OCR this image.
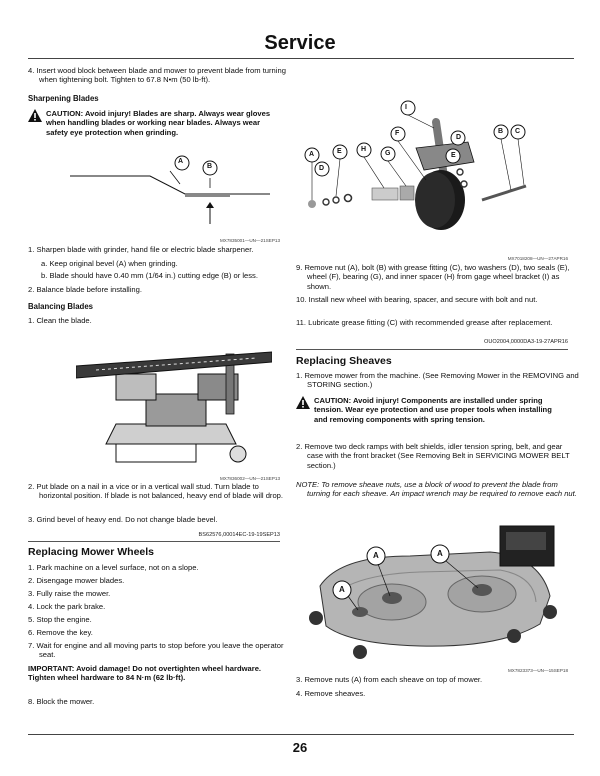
Service
4. Insert wood block between blade and mower to prevent blade from turning when tightening bolt. Tighten to 67.8 N•m (50 lb-ft).
Sharpening Blades
CAUTION: Avoid injury! Blades are sharp. Always wear gloves when handling blades or working near blades. Always wear safety eye protection when grinding.
A
B
MX7835001—UN—21SEP13
1. Sharpen blade with grinder, hand file or electric blade sharpener.
a. Keep original bevel (A) when grinding.
b. Blade should have 0.40 mm (1/64 in.) cutting edge (B) or less.
2. Balance blade before installing.
Balancing Blades
1. Clean the blade.
MX7836002—UN—21SEP13
2. Put blade on a nail in a vice or in a vertical wall stud. Turn blade to horizontal position. If blade is not balanced, heavy end of blade will drop.
3. Grind bevel of heavy end. Do not change blade bevel.
BS62576,00014EC-19-19SEP13
Replacing Mower Wheels
1. Park machine on a level surface, not on a slope.
2. Disengage mower blades.
3. Fully raise the mower.
4. Lock the park brake.
5. Stop the engine.
6. Remove the key.
7. Wait for engine and all moving parts to stop before you leave the operator seat.
IMPORTANT: Avoid damage! Do not overtighten wheel hardware. Tighten wheel hardware to 84 N·m (62 lb·ft).
8. Block the mower.
I
F
D
B C
E
H
E
A
D
G
MX7018208—UN—27APR16
9. Remove nut (A), bolt (B) with grease fitting (C), two washers (D), two seals (E), wheel (F), bearing (G), and inner spacer (H) from gage wheel bracket (I) as shown.
10. Install new wheel with bearing, spacer, and secure with bolt and nut.
11. Lubricate grease fitting (C) with recommended grease after replacement.
OUO2004,0000DA3-19-27APR16
Replacing Sheaves
1. Remove mower from the machine. (See Removing Mower in the REMOVING and STORING section.)
CAUTION: Avoid injury! Components are installed under spring tension. Wear eye protection and use proper tools when installing and removing components with spring tension.
2. Remove two deck ramps with belt shields, idler tension spring, belt, and gear case with the front bracket (See Removing Belt in SERVICING MOWER BELT section.)
NOTE: To remove sheave nuts, use a block of wood to prevent the blade from turning for each sheave. An impact wrench may be required to remove each nut.
A	A
A
MX7823373—UN—15SEP18
3. Remove nuts (A) from each sheave on top of mower.
4. Remove sheaves.
26
